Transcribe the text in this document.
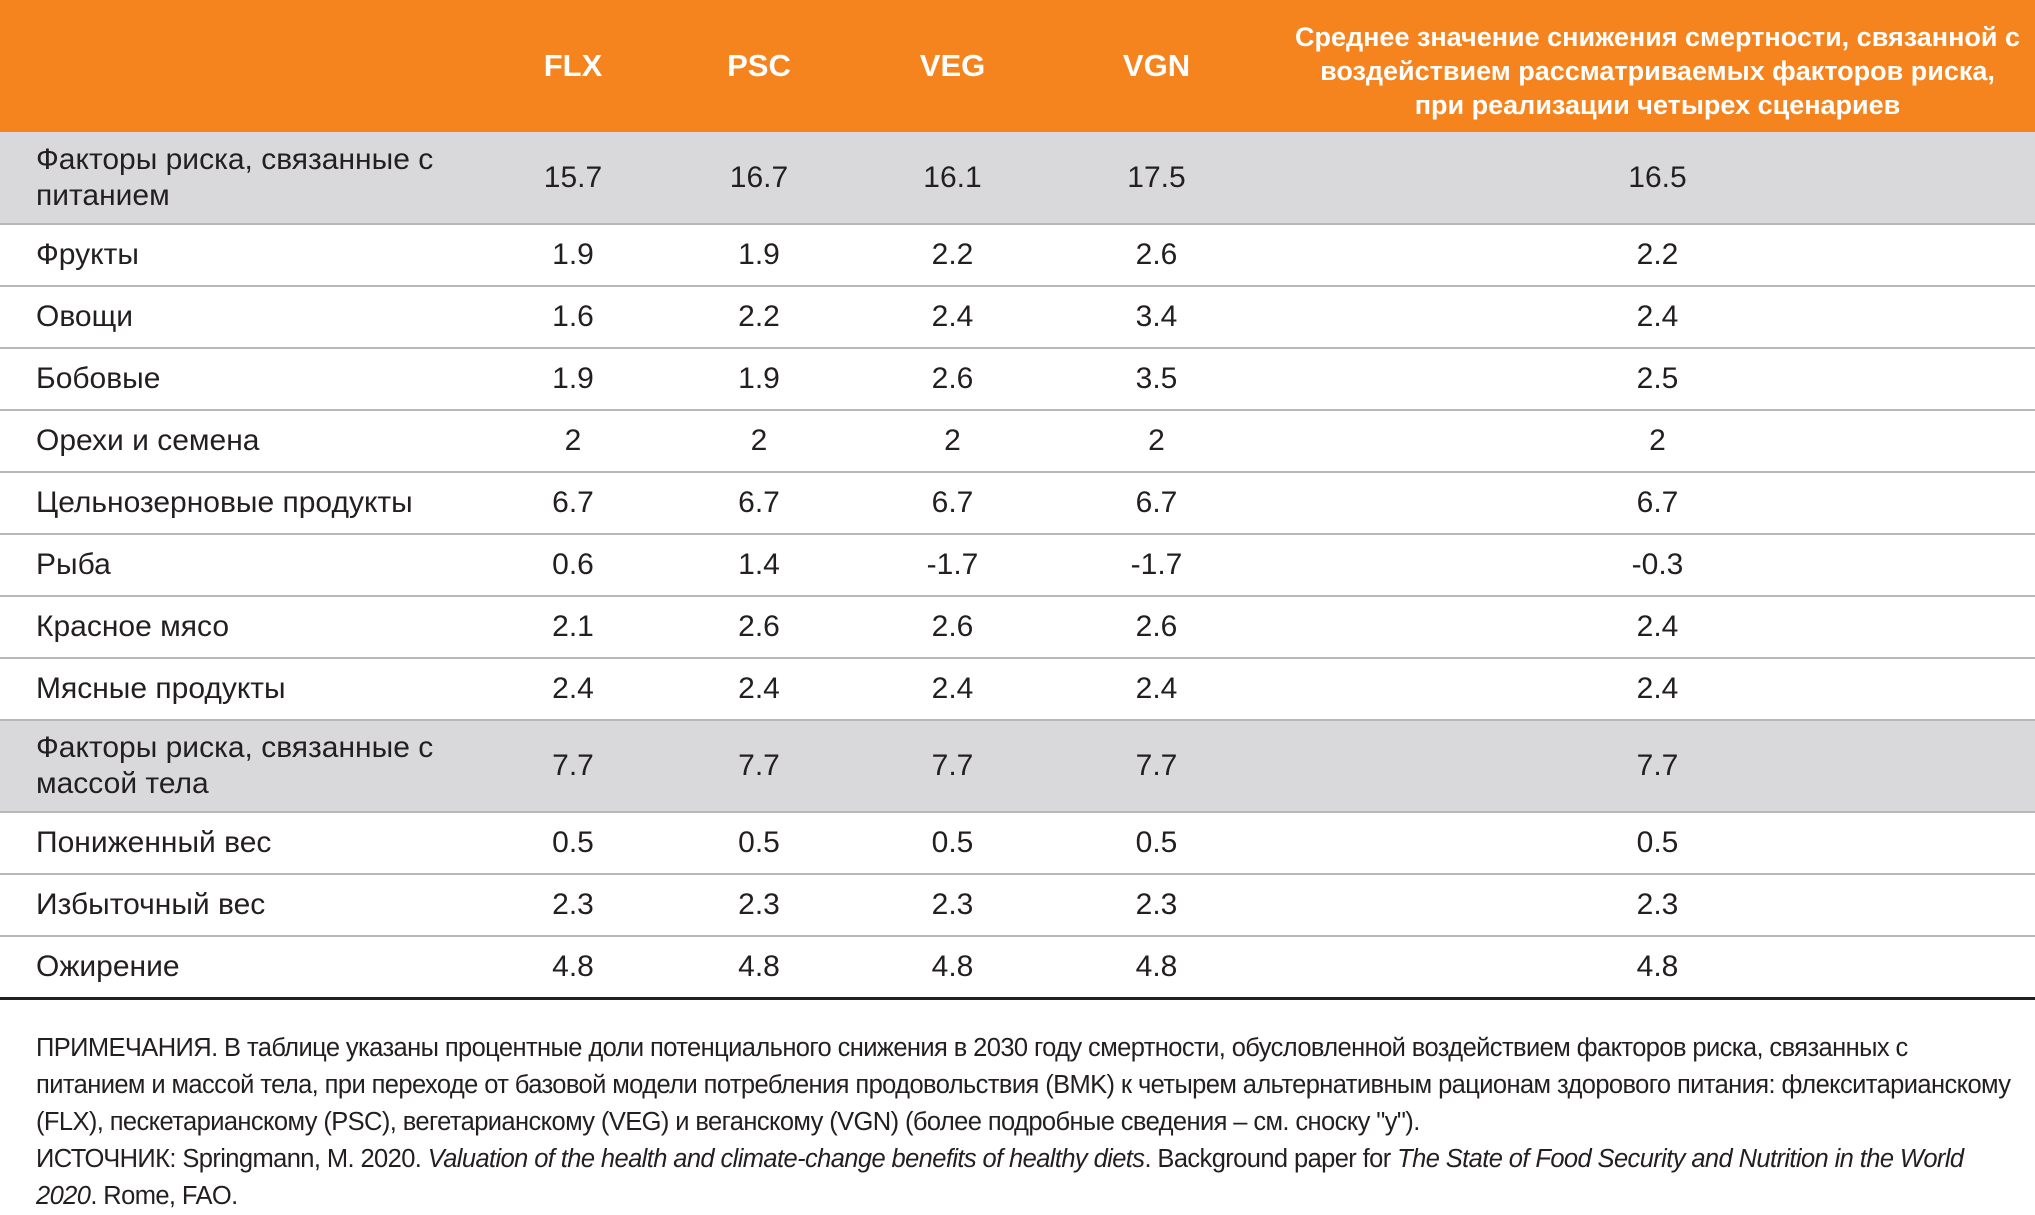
	FLX	PSC	VEG	VGN	Среднее значение снижения смертности, связанной с воздействием рассматриваемых факторов риска, при реализации четырех сценариев
Факторы риска, связанные с питанием	15.7	16.7	16.1	17.5	16.5
Фрукты	1.9	1.9	2.2	2.6	2.2
Овощи	1.6	2.2	2.4	3.4	2.4
Бобовые	1.9	1.9	2.6	3.5	2.5
Орехи и семена	2	2	2	2	2
Цельнозерновые продукты	6.7	6.7	6.7	6.7	6.7
Рыба	0.6	1.4	-1.7	-1.7	-0.3
Красное мясо	2.1	2.6	2.6	2.6	2.4
Мясные продукты	2.4	2.4	2.4	2.4	2.4
Факторы риска, связанные с массой тела	7.7	7.7	7.7	7.7	7.7
Пониженный вес	0.5	0.5	0.5	0.5	0.5
Избыточный вес	2.3	2.3	2.3	2.3	2.3
Ожирение	4.8	4.8	4.8	4.8	4.8

ПРИМЕЧАНИЯ. В таблице указаны процентные доли потенциального снижения в 2030 году смертности, обусловленной воздействием факторов риска, связанных с питанием и массой тела, при переходе от базовой модели потребления продовольствия (BMK) к четырем альтернативным рационам здорового питания: флекситарианскому (FLX), пескетарианскому (PSC), вегетарианскому (VEG) и веганскому (VGN) (более подробные сведения – см. сноску "у").

ИСТОЧНИК: Springmann, M. 2020. Valuation of the health and climate-change benefits of healthy diets. Background paper for The State of Food Security and Nutrition in the World 2020. Rome, FAO.
